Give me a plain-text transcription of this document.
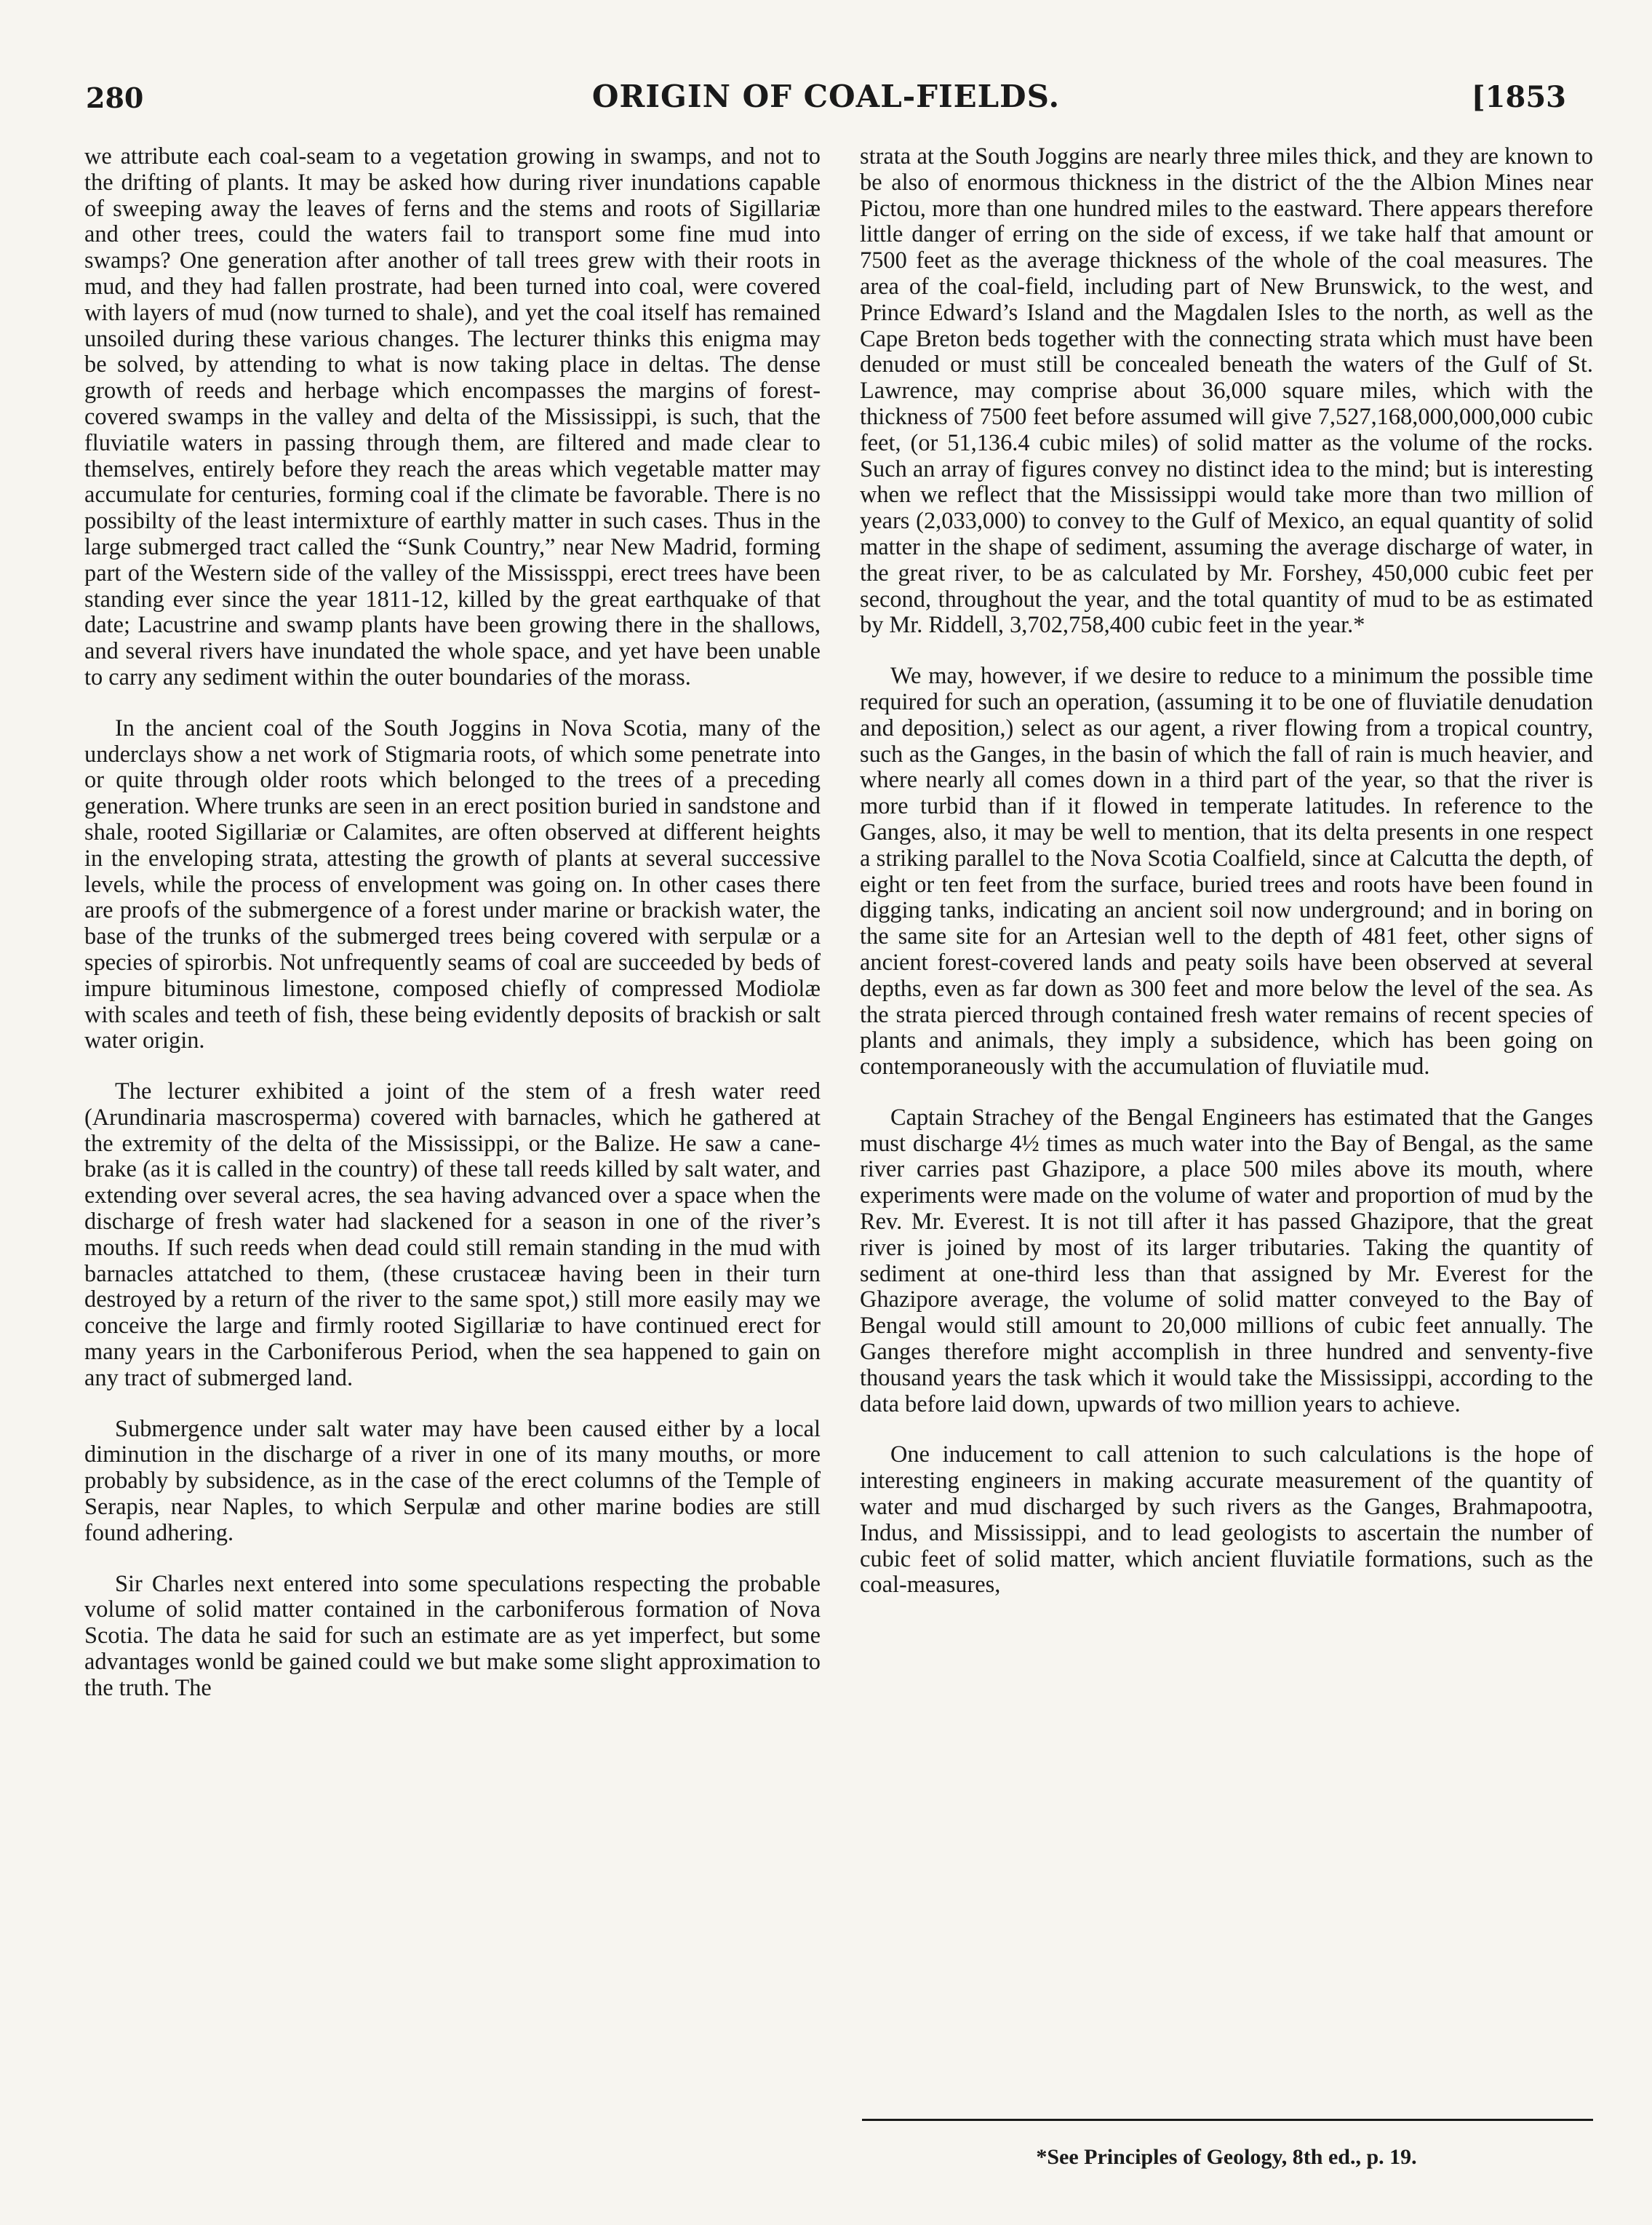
280	ORIGIN OF COAL-FIELDS.	[1853

we attribute each coal-seam to a vegetation growing in swamps, and not to the drifting of plants. It may be asked how during river inundations capable of sweeping away the leaves of ferns and the stems and roots of Sigillariæ and other trees, could the waters fail to transport some fine mud into swamps? One generation after another of tall trees grew with their roots in mud, and they had fallen prostrate, had been turned into coal, were covered with layers of mud (now turned to shale), and yet the coal itself has remained unsoiled during these various changes. The lecturer thinks this enigma may be solved, by attending to what is now taking place in deltas. The dense growth of reeds and herbage which encompasses the margins of forest-covered swamps in the valley and delta of the Mississippi, is such, that the fluviatile waters in passing through them, are filtered and made clear to themselves, entirely before they reach the areas which vegetable matter may accumulate for centuries, forming coal if the climate be favorable. There is no possibilty of the least intermixture of earthly matter in such cases. Thus in the large submerged tract called the “Sunk Country,” near New Madrid, forming part of the Western side of the valley of the Mississppi, erect trees have been standing ever since the year 1811-12, killed by the great earthquake of that date; Lacustrine and swamp plants have been growing there in the shallows, and several rivers have inundated the whole space, and yet have been unable to carry any sediment within the outer boundaries of the morass.

In the ancient coal of the South Joggins in Nova Scotia, many of the underclays show a net work of Stigmaria roots, of which some penetrate into or quite through older roots which belonged to the trees of a preceding generation. Where trunks are seen in an erect position buried in sandstone and shale, rooted Sigillariæ or Calamites, are often observed at different heights in the enveloping strata, attesting the growth of plants at several successive levels, while the process of envelopment was going on. In other cases there are proofs of the submergence of a forest under marine or brackish water, the base of the trunks of the submerged trees being covered with serpulæ or a species of spirorbis. Not unfrequently seams of coal are succeeded by beds of impure bituminous limestone, composed chiefly of compressed Modiolæ with scales and teeth of fish, these being evidently deposits of brackish or salt water origin.

The lecturer exhibited a joint of the stem of a fresh water reed (Arundinaria mascrosperma) covered with barnacles, which he gathered at the extremity of the delta of the Mississippi, or the Balize. He saw a cane-brake (as it is called in the country) of these tall reeds killed by salt water, and extending over several acres, the sea having advanced over a space when the discharge of fresh water had slackened for a season in one of the river’s mouths. If such reeds when dead could still remain standing in the mud with barnacles attatched to them, (these crustaceæ having been in their turn destroyed by a return of the river to the same spot,) still more easily may we conceive the large and firmly rooted Sigillariæ to have continued erect for many years in the Carboniferous Period, when the sea happened to gain on any tract of submerged land.

Submergence under salt water may have been caused either by a local diminution in the discharge of a river in one of its many mouths, or more probably by subsidence, as in the case of the erect columns of the Temple of Serapis, near Naples, to which Serpulæ and other marine bodies are still found adhering.

Sir Charles next entered into some speculations respecting the probable volume of solid matter contained in the carboniferous formation of Nova Scotia. The data he said for such an estimate are as yet imperfect, but some advantages wonld be gained could we but make some slight approximation to the truth. The

strata at the South Joggins are nearly three miles thick, and they are known to be also of enormous thickness in the district of the the Albion Mines near Pictou, more than one hundred miles to the eastward. There appears therefore little danger of erring on the side of excess, if we take half that amount or 7500 feet as the average thickness of the whole of the coal measures. The area of the coal-field, including part of New Brunswick, to the west, and Prince Edward’s Island and the Magdalen Isles to the north, as well as the Cape Breton beds together with the connecting strata which must have been denuded or must still be concealed beneath the waters of the Gulf of St. Lawrence, may comprise about 36,000 square miles, which with the thickness of 7500 feet before assumed will give 7,527,168,000,000,000 cubic feet, (or 51,136.4 cubic miles) of solid matter as the volume of the rocks. Such an array of figures convey no distinct idea to the mind; but is interesting when we reflect that the Mississippi would take more than two million of years (2,033,000) to convey to the Gulf of Mexico, an equal quantity of solid matter in the shape of sediment, assuming the average discharge of water, in the great river, to be as calculated by Mr. Forshey, 450,000 cubic feet per second, throughout the year, and the total quantity of mud to be as estimated by Mr. Riddell, 3,702,758,400 cubic feet in the year.*

We may, however, if we desire to reduce to a minimum the possible time required for such an operation, (assuming it to be one of fluviatile denudation and deposition,) select as our agent, a river flowing from a tropical country, such as the Ganges, in the basin of which the fall of rain is much heavier, and where nearly all comes down in a third part of the year, so that the river is more turbid than if it flowed in temperate latitudes. In reference to the Ganges, also, it may be well to mention, that its delta presents in one respect a striking parallel to the Nova Scotia Coalfield, since at Calcutta the depth, of eight or ten feet from the surface, buried trees and roots have been found in digging tanks, indicating an ancient soil now underground; and in boring on the same site for an Artesian well to the depth of 481 feet, other signs of ancient forest-covered lands and peaty soils have been observed at several depths, even as far down as 300 feet and more below the level of the sea. As the strata pierced through contained fresh water remains of recent species of plants and animals, they imply a subsidence, which has been going on contemporaneously with the accumulation of fluviatile mud.

Captain Strachey of the Bengal Engineers has estimated that the Ganges must discharge 4½ times as much water into the Bay of Bengal, as the same river carries past Ghazipore, a place 500 miles above its mouth, where experiments were made on the volume of water and proportion of mud by the Rev. Mr. Everest. It is not till after it has passed Ghazipore, that the great river is joined by most of its larger tributaries. Taking the quantity of sediment at one-third less than that assigned by Mr. Everest for the Ghazipore average, the volume of solid matter conveyed to the Bay of Bengal would still amount to 20,000 millions of cubic feet annually. The Ganges therefore might accomplish in three hundred and senventy-five thousand years the task which it would take the Mississippi, according to the data before laid down, upwards of two million years to achieve.

One inducement to call attenion to such calculations is the hope of interesting engineers in making accurate measurement of the quantity of water and mud discharged by such rivers as the Ganges, Brahmapootra, Indus, and Mississippi, and to lead geologists to ascertain the number of cubic feet of solid matter, which ancient fluviatile formations, such as the coal-measures,

*See Principles of Geology, 8th ed., p. 19.
